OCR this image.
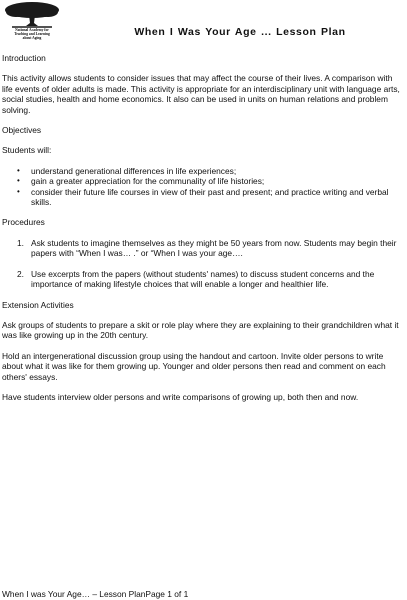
National Academy for
Teaching and Learning
about Aging
When I Was Your Age ... Lesson Plan

Introduction

This activity allows students to consider issues that may affect the course of their lives. A comparison with life events of older adults is made. This activity is appropriate for an interdisciplinary unit with language arts, social studies, health and home economics. It also can be used in units on human relations and problem solving.

Objectives

Students will:

• understand generational differences in life experiences;
• gain a greater appreciation for the communality of life histories;
• consider their future life courses in view of their past and present; and practice writing and verbal skills.

Procedures

1. Ask students to imagine themselves as they might be 50 years from now. Students may begin their papers with “When I was… .” or “When I was your age….
2. Use excerpts from the papers (without students' names) to discuss student concerns and the importance of making lifestyle choices that will enable a longer and healthier life.

Extension Activities

Ask groups of students to prepare a skit or role play where they are explaining to their grandchildren what it was like growing up in the 20th century.

Hold an intergenerational discussion group using the handout and cartoon. Invite older persons to write about what it was like for them growing up. Younger and older persons then read and comment on each others' essays.

Have students interview older persons and write comparisons of growing up, both then and now.

When I was Your Age… – Lesson PlanPage 1 of 1
